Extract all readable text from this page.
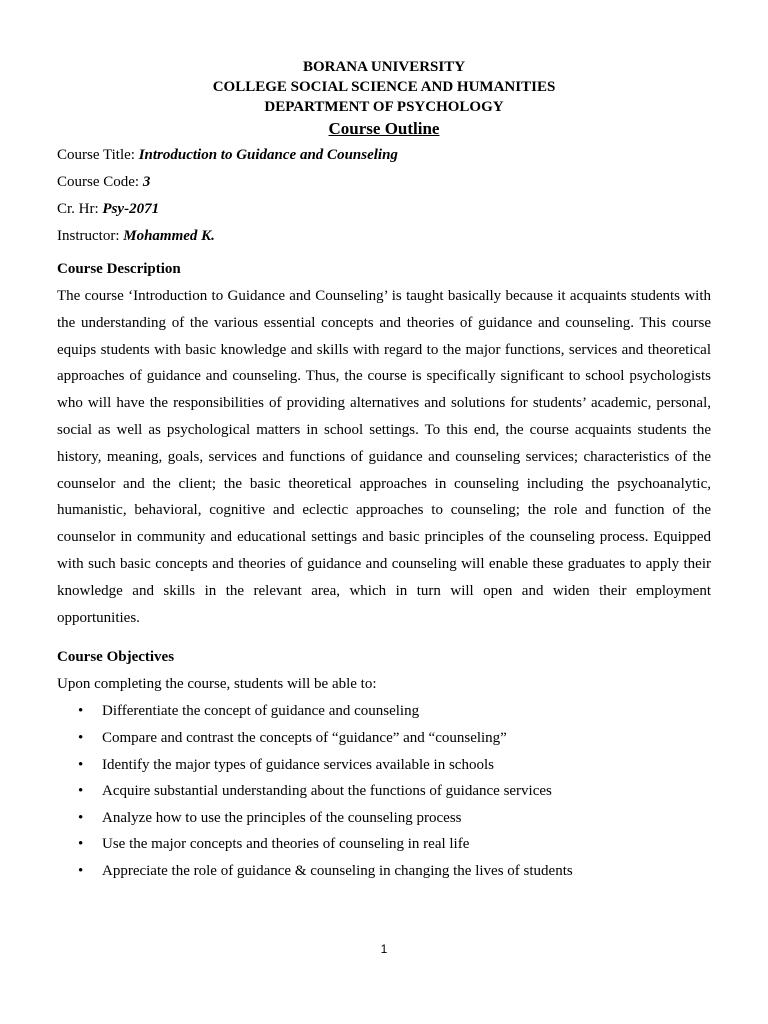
BORANA UNIVERSITY
COLLEGE SOCIAL SCIENCE AND HUMANITIES
DEPARTMENT OF PSYCHOLOGY
Course Outline
Course Title: Introduction to Guidance and Counseling
Course Code: 3
Cr. Hr: Psy-2071
Instructor: Mohammed K.
Course Description

The course ‘Introduction to Guidance and Counseling’ is taught basically because it acquaints students with the understanding of the various essential concepts and theories of guidance and counseling. This course equips students with basic knowledge and skills with regard to the major functions, services and theoretical approaches of guidance and counseling. Thus, the course is specifically significant to school psychologists who will have the responsibilities of providing alternatives and solutions for students’ academic, personal, social as well as psychological matters in school settings. To this end, the course acquaints students the history, meaning, goals, services and functions of guidance and counseling services; characteristics of the counselor and the client; the basic theoretical approaches in counseling including the psychoanalytic, humanistic, behavioral, cognitive and eclectic approaches to counseling; the role and function of the counselor in community and educational settings and basic principles of the counseling process. Equipped with such basic concepts and theories of guidance and counseling will enable these graduates to apply their knowledge and skills in the relevant area, which in turn will open and widen their employment opportunities.

Course Objectives
Upon completing the course, students will be able to:
• Differentiate the concept of guidance and counseling
• Compare and contrast the concepts of “guidance” and “counseling”
• Identify the major types of guidance services available in schools
• Acquire substantial understanding about the functions of guidance services
• Analyze how to use the principles of the counseling process
• Use the major concepts and theories of counseling in real life
• Appreciate the role of guidance & counseling in changing the lives of students
1
